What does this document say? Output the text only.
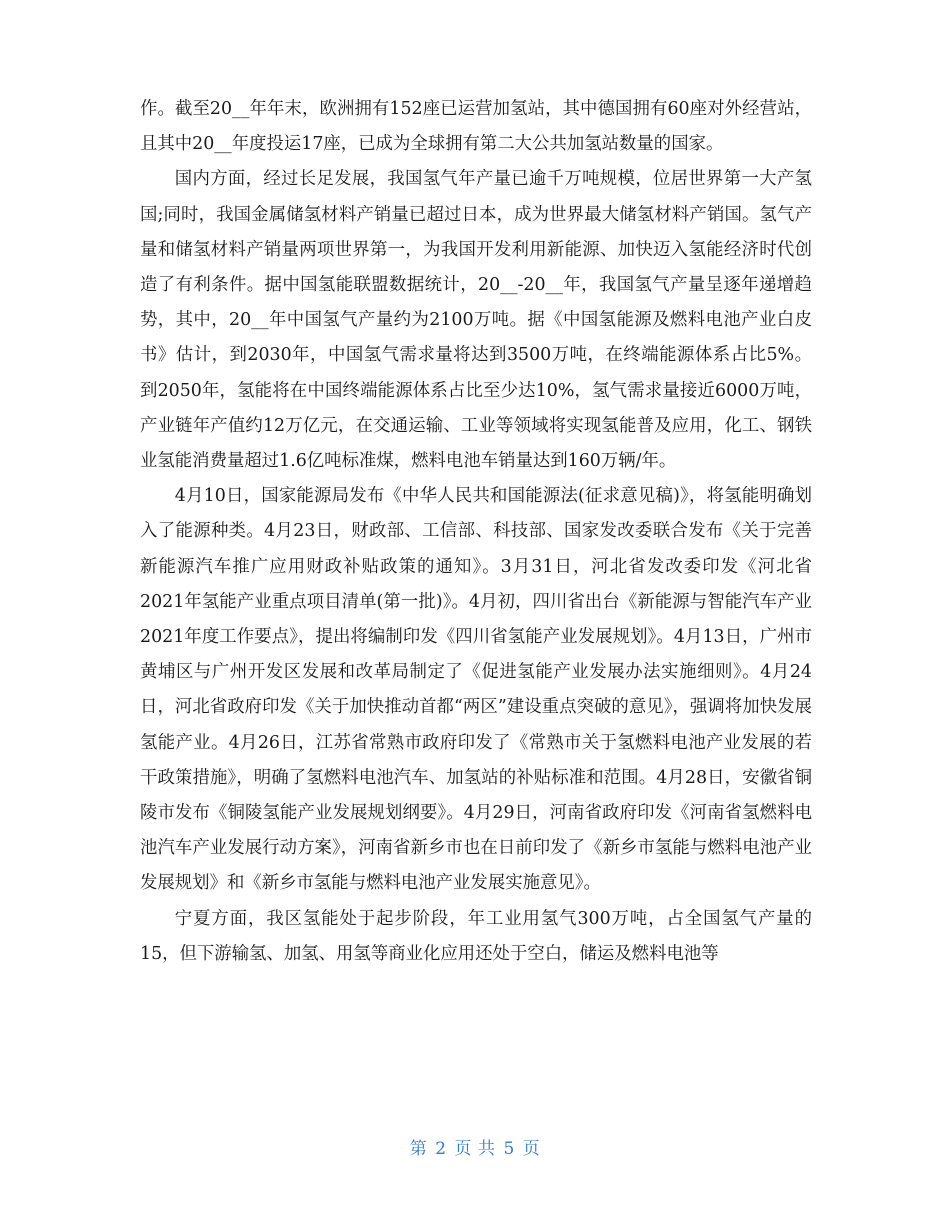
作。截至20__年年末，欧洲拥有152座已运营加氢站，其中德国拥有60座对外经营站，且其中20__年度投运17座，已成为全球拥有第二大公共加氢站数量的国家。

国内方面，经过长足发展，我国氢气年产量已逾千万吨规模，位居世界第一大产氢国;同时，我国金属储氢材料产销量已超过日本，成为世界最大储氢材料产销国。氢气产量和储氢材料产销量两项世界第一，为我国开发利用新能源、加快迈入氢能经济时代创造了有利条件。据中国氢能联盟数据统计，20__-20__年，我国氢气产量呈逐年递增趋势，其中，20__年中国氢气产量约为2100万吨。据《中国氢能源及燃料电池产业白皮书》估计，到2030年，中国氢气需求量将达到3500万吨，在终端能源体系占比5%。到2050年，氢能将在中国终端能源体系占比至少达10%，氢气需求量接近6000万吨，产业链年产值约12万亿元，在交通运输、工业等领域将实现氢能普及应用，化工、钢铁业氢能消费量超过1.6亿吨标准煤，燃料电池车销量达到160万辆/年。

4月10日，国家能源局发布《中华人民共和国能源法(征求意见稿)》，将氢能明确划入了能源种类。4月23日，财政部、工信部、科技部、国家发改委联合发布《关于完善新能源汽车推广应用财政补贴政策的通知》。3月31日，河北省发改委印发《河北省2021年氢能产业重点项目清单(第一批)》。4月初，四川省出台《新能源与智能汽车产业2021年度工作要点》，提出将编制印发《四川省氢能产业发展规划》。4月13日，广州市黄埔区与广州开发区发展和改革局制定了《促进氢能产业发展办法实施细则》。4月24日，河北省政府印发《关于加快推动首都“两区”建设重点突破的意见》，强调将加快发展氢能产业。4月26日，江苏省常熟市政府印发了《常熟市关于氢燃料电池产业发展的若干政策措施》，明确了氢燃料电池汽车、加氢站的补贴标准和范围。4月28日，安徽省铜陵市发布《铜陵氢能产业发展规划纲要》。4月29日，河南省政府印发《河南省氢燃料电池汽车产业发展行动方案》，河南省新乡市也在日前印发了《新乡市氢能与燃料电池产业发展规划》和《新乡市氢能与燃料电池产业发展实施意见》。

宁夏方面，我区氢能处于起步阶段，年工业用氢气300万吨，占全国氢气产量的15，但下游输氢、加氢、用氢等商业化应用还处于空白，储运及燃料电池等

第 2 页 共 5 页
